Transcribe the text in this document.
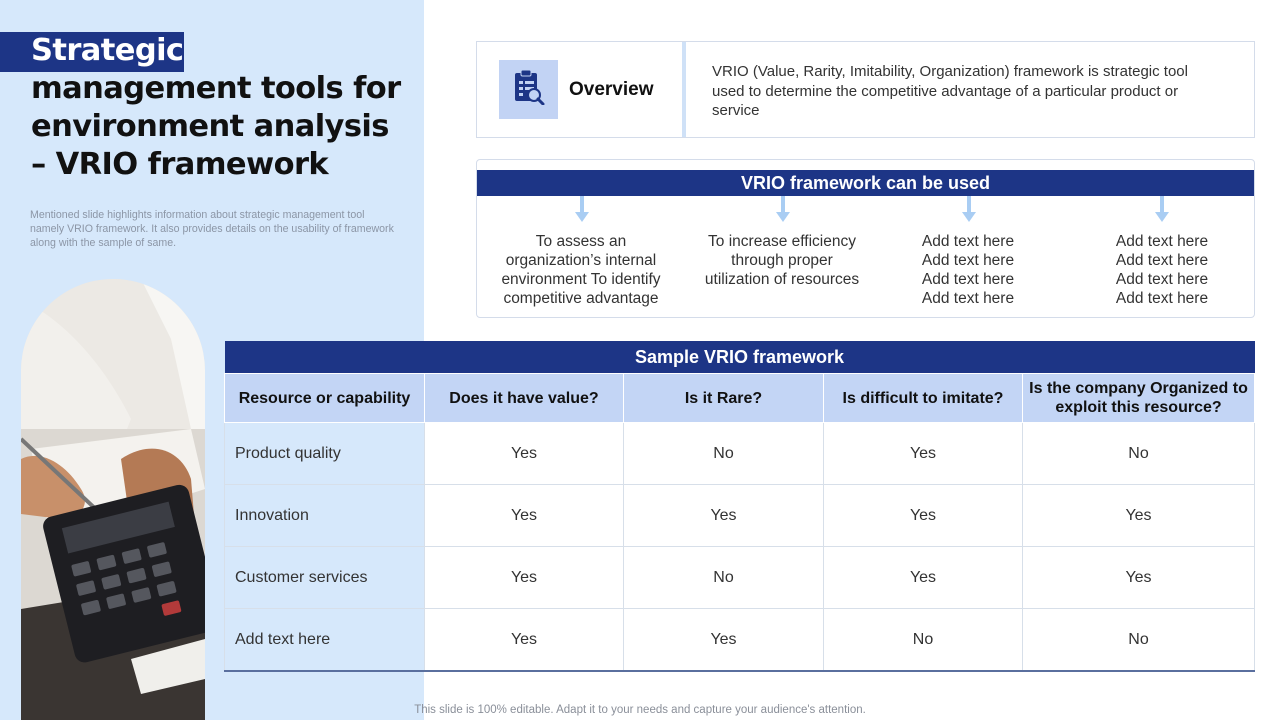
Strategic
management tools for environment analysis – VRIO framework

Mentioned slide highlights information about strategic management tool namely VRIO framework. It also provides details on the usability of framework along with the sample of same.

Overview

VRIO (Value, Rarity, Imitability, Organization) framework is strategic tool used to determine the competitive advantage of a particular product or service

VRIO framework can be used

To assess an organization’s internal environment To identify competitive advantage

To increase efficiency through proper utilization of resources

Add text here Add text here Add text here Add text here

Add text here Add text here Add text here Add text here

Sample VRIO framework				
Resource or capability	Does it have value?	Is it Rare?	Is difficult to imitate?	Is the company Organized to exploit this resource?
Product quality	Yes	No	Yes	No
Innovation	Yes	Yes	Yes	Yes
Customer services	Yes	No	Yes	Yes
Add text here	Yes	Yes	No	No
This slide is 100% editable. Adapt it to your needs and capture your audience's attention.
